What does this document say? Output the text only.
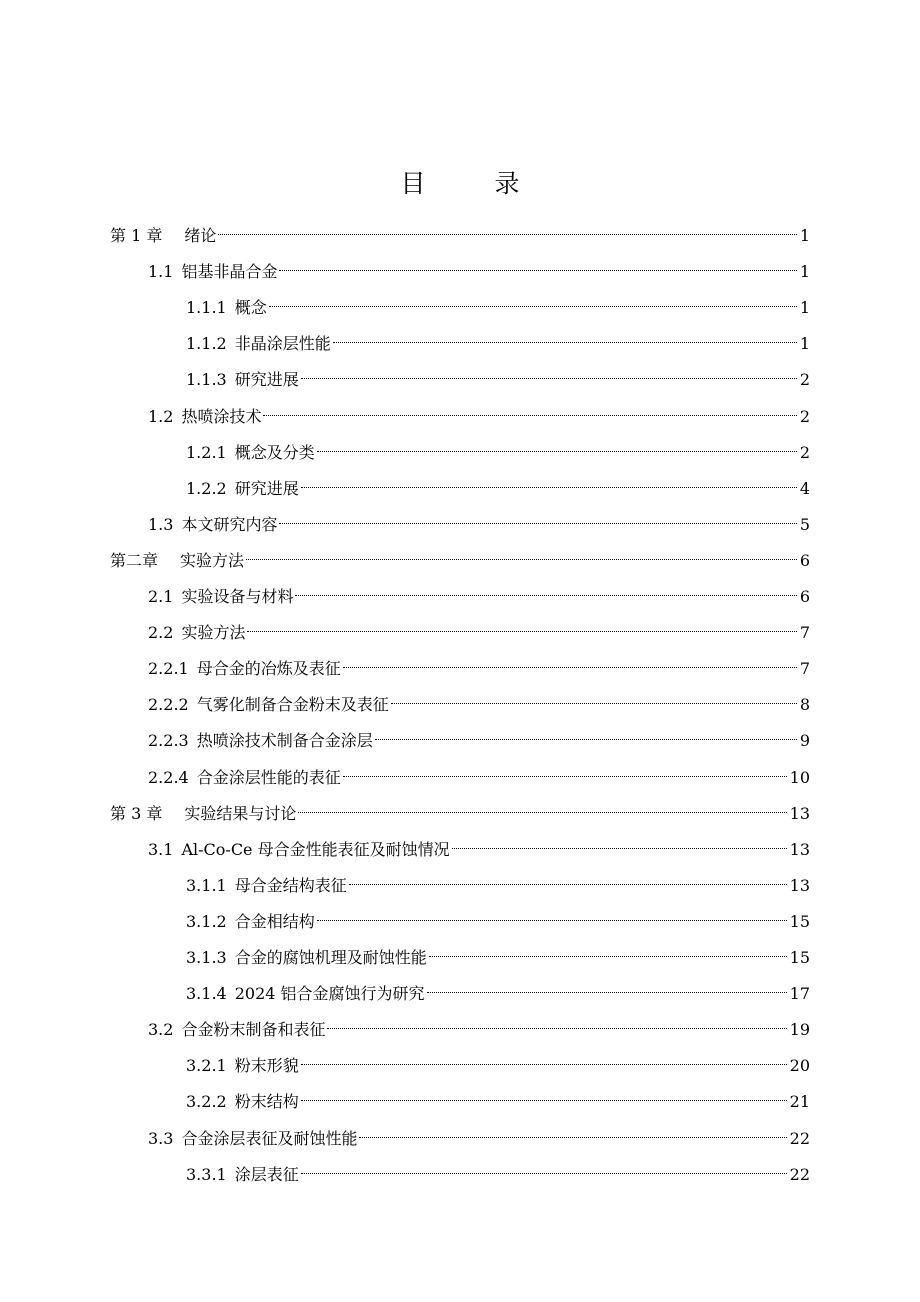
目　录
第 1 章 绪论	1
1.1 铝基非晶合金	1
1.1.1 概念	1
1.1.2 非晶涂层性能	1
1.1.3 研究进展	2
1.2 热喷涂技术	2
1.2.1 概念及分类	2
1.2.2 研究进展	4
1.3 本文研究内容	5
第二章 实验方法	6
2.1 实验设备与材料	6
2.2 实验方法	7
2.2.1 母合金的冶炼及表征	7
2.2.2 气雾化制备合金粉末及表征	8
2.2.3 热喷涂技术制备合金涂层	9
2.2.4 合金涂层性能的表征	10
第 3 章 实验结果与讨论	13
3.1 Al-Co-Ce 母合金性能表征及耐蚀情况	13
3.1.1 母合金结构表征	13
3.1.2 合金相结构	15
3.1.3 合金的腐蚀机理及耐蚀性能	15
3.1.4 2024 铝合金腐蚀行为研究	17
3.2 合金粉末制备和表征	19
3.2.1 粉末形貌	20
3.2.2 粉末结构	21
3.3 合金涂层表征及耐蚀性能	22
3.3.1 涂层表征	22
